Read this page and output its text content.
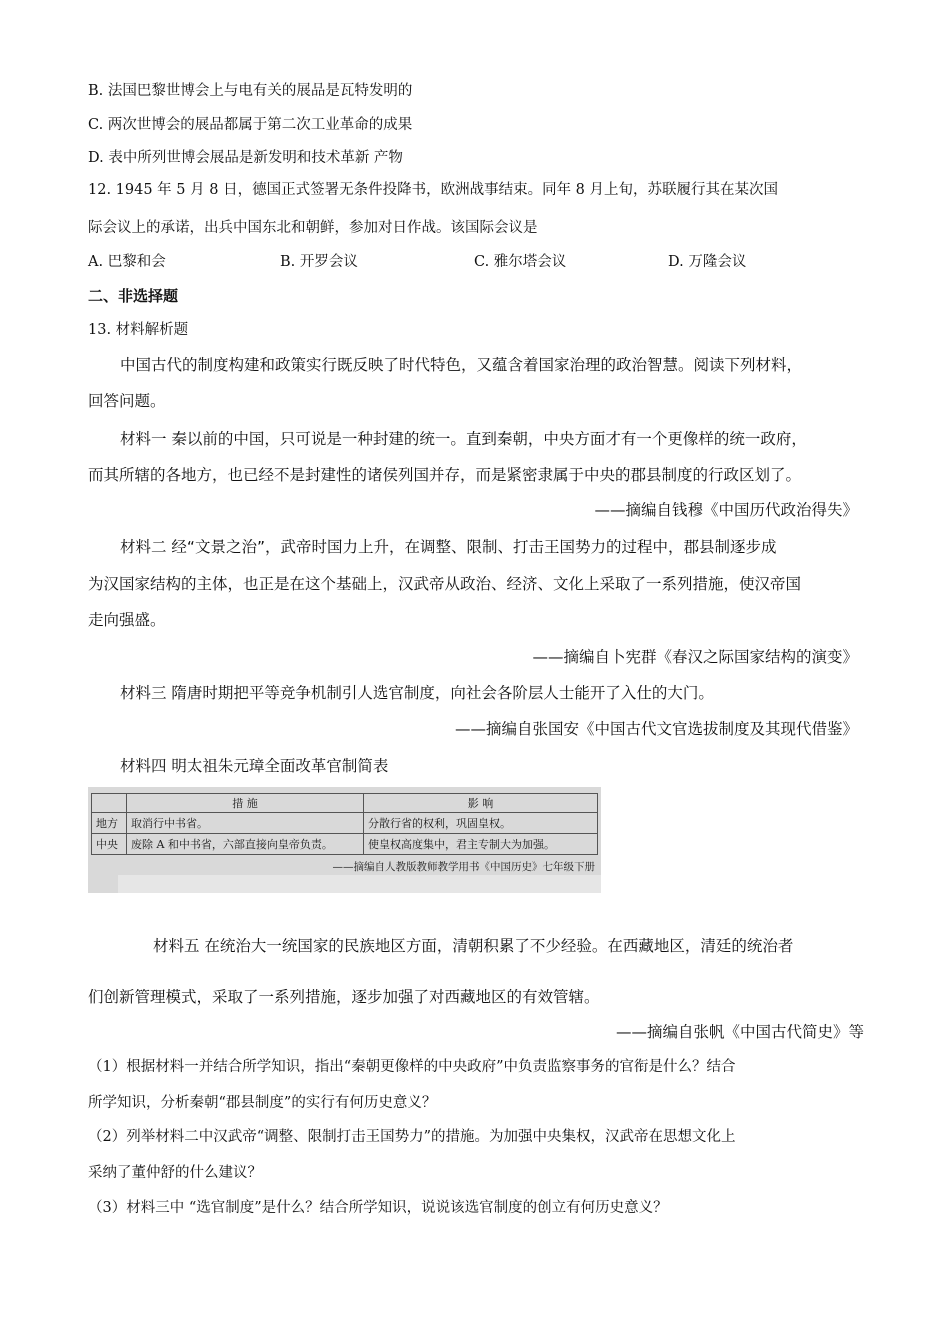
B. 法国巴黎世博会上与电有关的展品是瓦特发明的
C. 两次世博会的展品都属于第二次工业革命的成果
D. 表中所列世博会展品是新发明和技术革新 产物
12. 1945 年 5 月 8 日，德国正式签署无条件投降书，欧洲战事结束。同年 8 月上旬，苏联履行其在某次国
际会议上的承诺，出兵中国东北和朝鲜，参加对日作战。该国际会议是
A. 巴黎和会	B. 开罗会议	C. 雅尔塔会议	D. 万隆会议
二、非选择题
13. 材料解析题
中国古代的制度构建和政策实行既反映了时代特色，又蕴含着国家治理的政治智慧。阅读下列材料，
回答问题。
材料一 秦以前的中国，只可说是一种封建的统一。直到秦朝，中央方面才有一个更像样的统一政府，
而其所辖的各地方，也已经不是封建性的诸侯列国并存，而是紧密隶属于中央的郡县制度的行政区划了。
——摘编自钱穆《中国历代政治得失》
材料二 经“文景之治”，武帝时国力上升，在调整、限制、打击王国势力的过程中，郡县制逐步成
为汉国家结构的主体，也正是在这个基础上，汉武帝从政治、经济、文化上采取了一系列措施，使汉帝国
走向强盛。
——摘编自卜宪群《春汉之际国家结构的演变》
材料三 隋唐时期把平等竞争机制引人选官制度，向社会各阶层人士能开了入仕的大门。
——摘编自张国安《中国古代文官选拔制度及其现代借鉴》
材料四 明太祖朱元璋全面改革官制简表
	措 施	影 响
地方	取消行中书省。	分散行省的权利，巩固皇权。
中央	废除 A 和中书省，六部直接向皇帝负责。	使皇权高度集中，君主专制大为加强。
——摘编自人教版教师教学用书《中国历史》七年级下册
材料五 在统治大一统国家的民族地区方面，清朝积累了不少经验。在西藏地区，清廷的统治者
们创新管理模式，采取了一系列措施，逐步加强了对西藏地区的有效管辖。
——摘编自张帆《中国古代简史》等
（1）根据材料一并结合所学知识，指出“秦朝更像样的中央政府”中负责监察事务的官衔是什么？结合
所学知识，分析秦朝“郡县制度”的实行有何历史意义？
（2）列举材料二中汉武帝“调整、限制打击王国势力”的措施。为加强中央集权，汉武帝在思想文化上
采纳了董仲舒的什么建议？
（3）材料三中 “选官制度”是什么？结合所学知识，说说该选官制度的创立有何历史意义？
